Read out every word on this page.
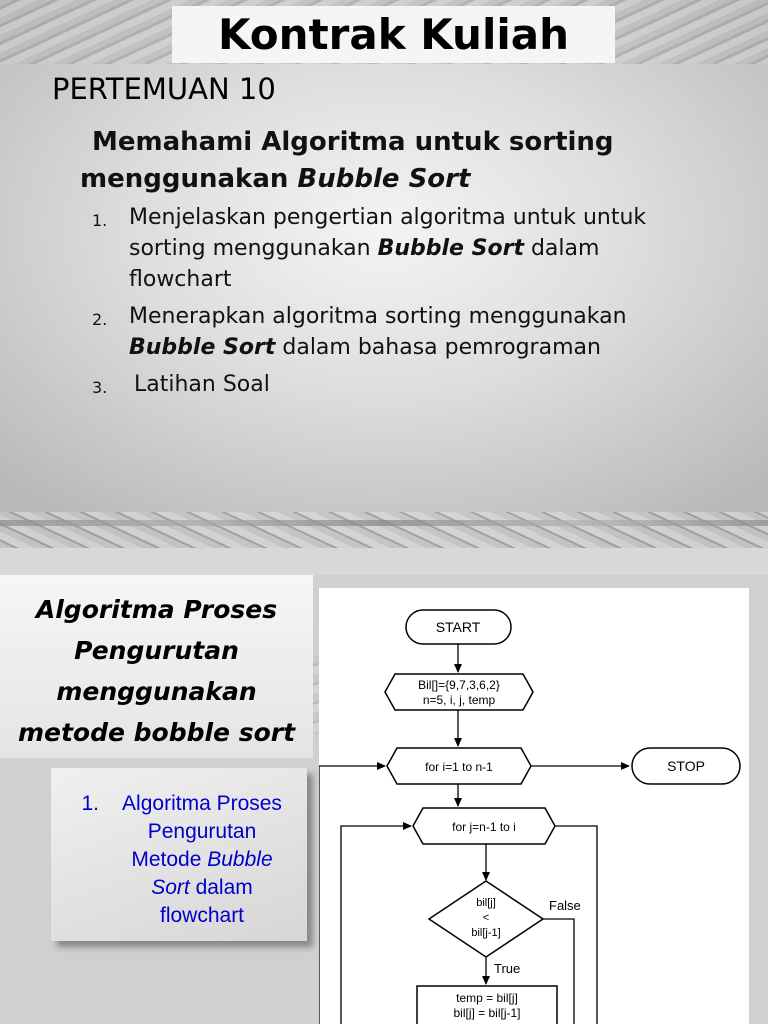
Kontrak Kuliah
PERTEMUAN 10
Memahami Algoritma untuk sorting
menggunakan Bubble Sort
1. Menjelaskan pengertian algoritma untuk untuk sorting menggunakan Bubble Sort dalam flowchart
2. Menerapkan algoritma sorting menggunakan Bubble Sort dalam bahasa pemrograman
3.	Latihan Soal
Algoritma Proses
Pengurutan
menggunakan
metode bobble sort
1.	Algoritma Proses
Pengurutan
Metode Bubble
Sort dalam
flowchart
START
Bil[]={9,7,3,6,2}
n=5, i, j, temp
for i=1 to n-1	STOP
for j=n-1 to i
bil[j]
<
bil[j-1]
False
True
temp = bil[j]
bil[j] = bil[j-1]
